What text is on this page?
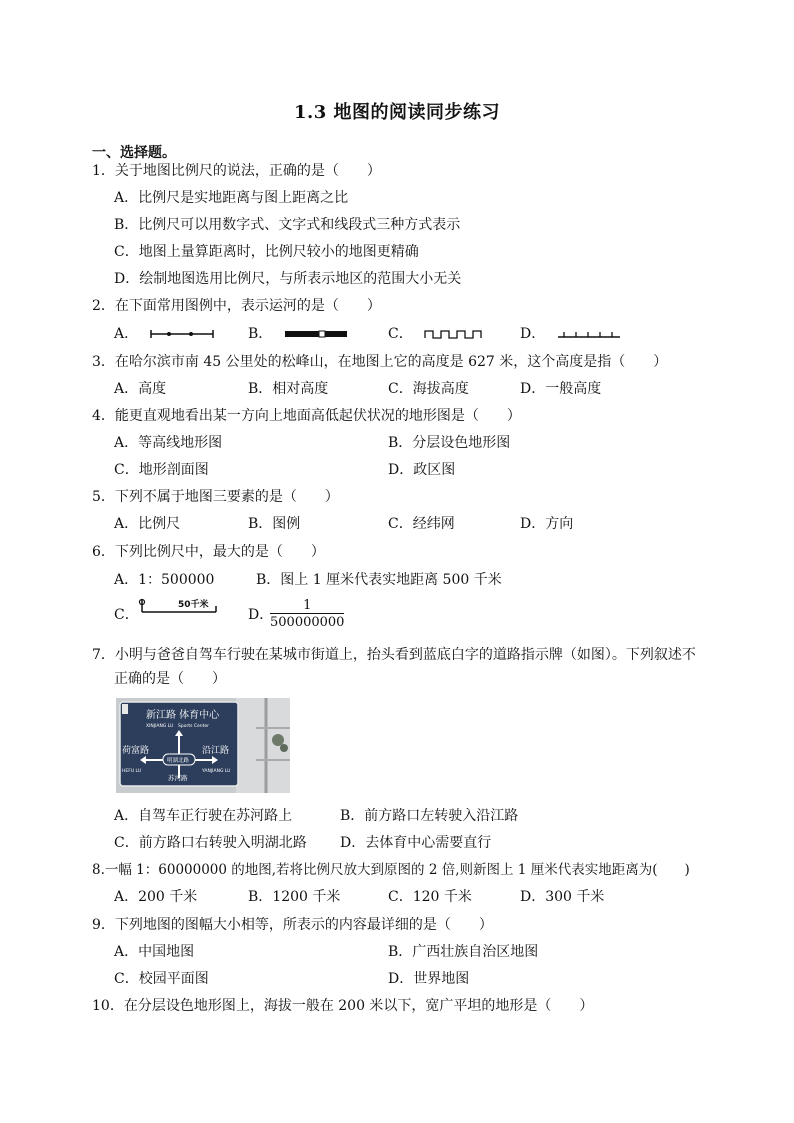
1.3 地图的阅读同步练习
一、选择题。
1．关于地图比例尺的说法，正确的是（　　）
A．比例尺是实地距离与图上距离之比
B．比例尺可以用数字式、文字式和线段式三种方式表示
C．地图上量算距离时，比例尺较小的地图更精确
D．绘制地图选用比例尺，与所表示地区的范围大小无关
2．在下面常用图例中，表示运河的是（　　）
A．	B．	C．	D．
3．在哈尔滨市南 45 公里处的松峰山，在地图上它的高度是 627 米，这个高度是指（　　）
A．高度	B．相对高度	C．海拔高度	D．一般高度
4．能更直观地看出某一方向上地面高低起伏状况的地形图是（　　）
A．等高线地形图	B．分层设色地形图
C．地形剖面图	D．政区图
5．下列不属于地图三要素的是（　　）
A．比例尺	B．图例	C．经纬网	D．方向
6．下列比例尺中，最大的是（　　）
A．1：500000	B．图上 1 厘米代表实地距离 500 千米
C．
50千米
D．
$\frac{1}{500000000}$
7．小明与爸爸自驾车行驶在某城市街道上，抬头看到蓝底白字的道路指示牌（如图）。下列叙述不
正确的是（　　）
新江路 体育中心
XINJIANG LU Sports Center
明湖北路
荷富路
HEFU LU
沿江路
YANJIANG LU
苏河路
A．自驾车正行驶在苏河路上	B．前方路口左转驶入沿江路
C．前方路口右转驶入明湖北路 D．去体育中心需要直行
8.一幅 1：60000000 的地图,若将比例尺放大到原图的 2 倍,则新图上 1 厘米代表实地距离为(　　)
A．200 千米	B．1200 千米	C．120 千米	D．300 千米
9．下列地图的图幅大小相等，所表示的内容最详细的是（　　）
A．中国地图	B．广西壮族自治区地图
C．校园平面图	D．世界地图
10．在分层设色地形图上，海拔一般在 200 米以下，宽广平坦的地形是（　　）
